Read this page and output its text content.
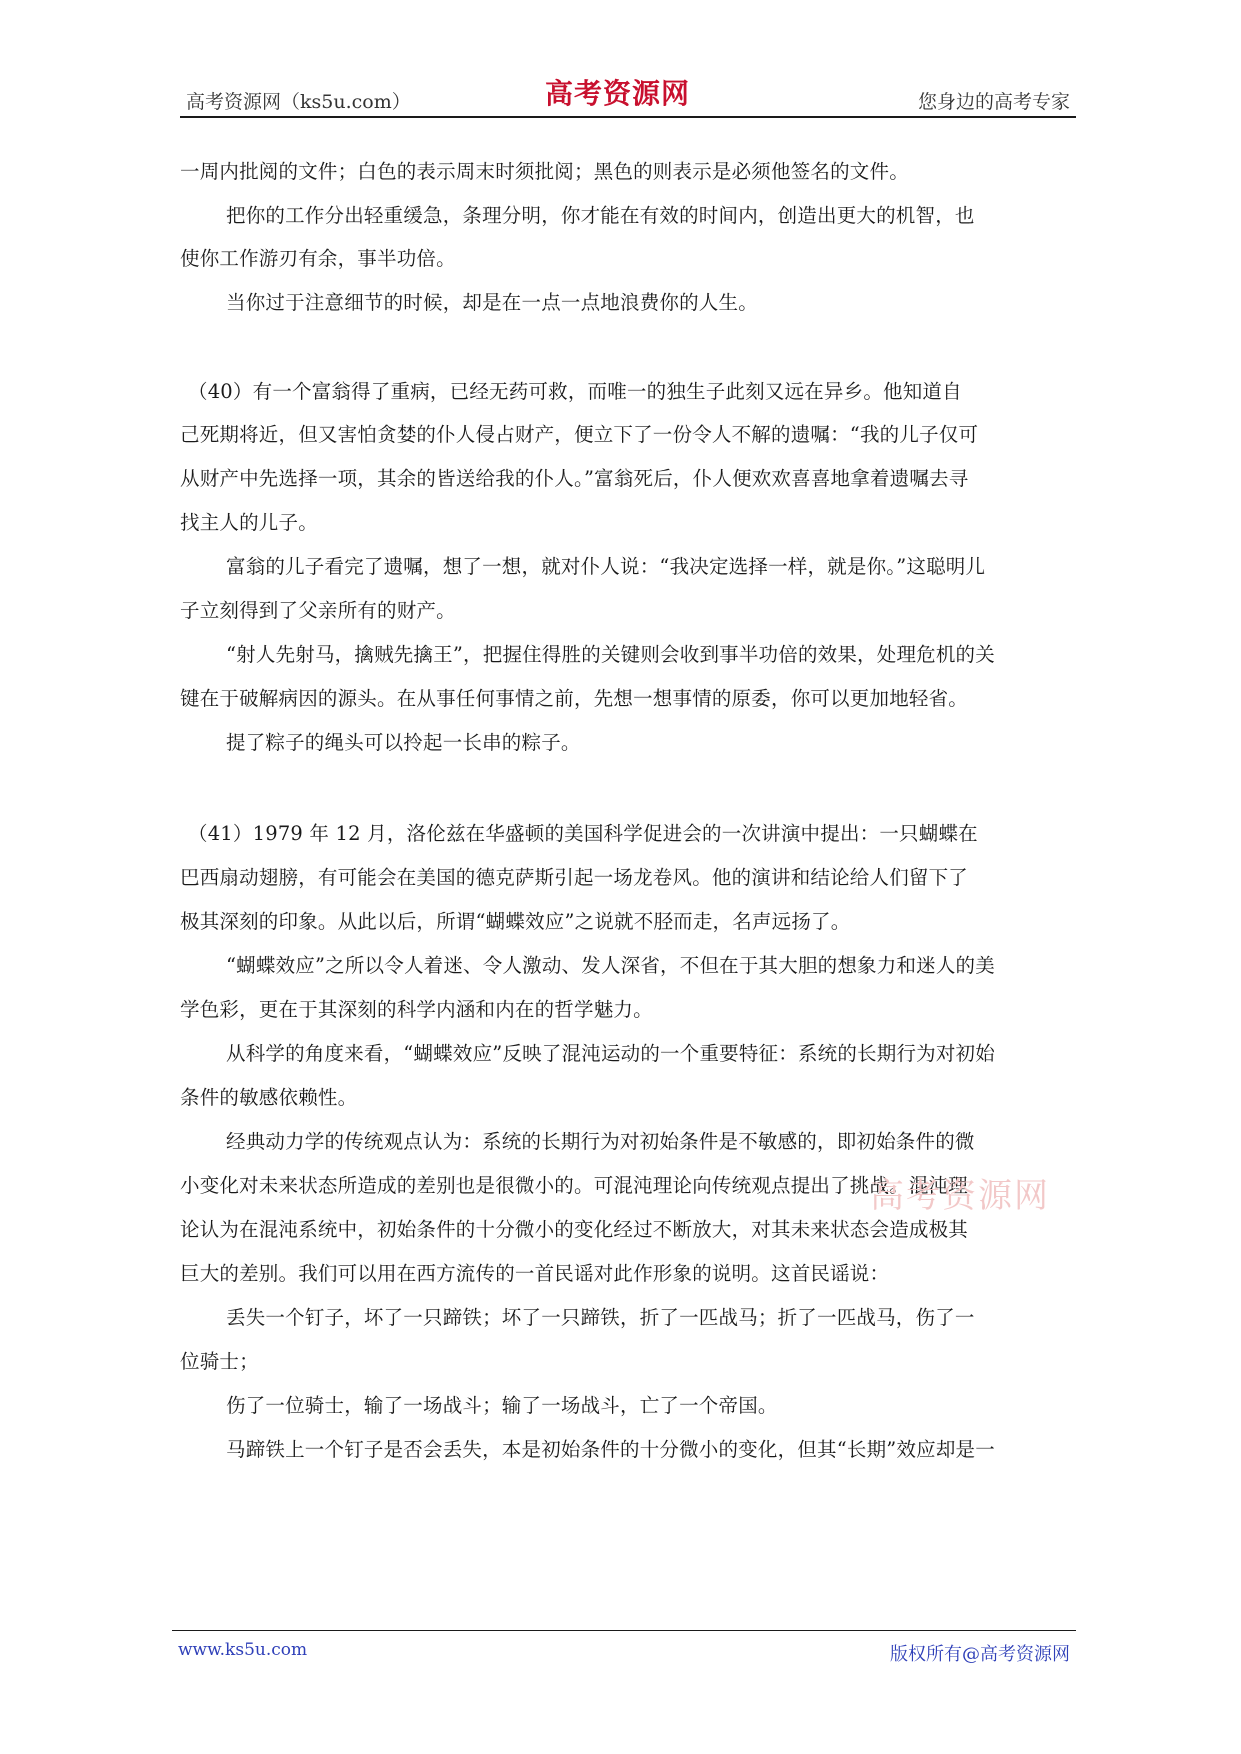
高考资源网（ks5u.com）	高考资源网	您身边的高考专家
一周内批阅的文件；白色的表示周末时须批阅；黑色的则表示是必须他签名的文件。
把你的工作分出轻重缓急，条理分明，你才能在有效的时间内，创造出更大的机智，也
使你工作游刃有余，事半功倍。
当你过于注意细节的时候，却是在一点一点地浪费你的人生。
（40）有一个富翁得了重病，已经无药可救，而唯一的独生子此刻又远在异乡。他知道自
己死期将近，但又害怕贪婪的仆人侵占财产，便立下了一份令人不解的遗嘱：“我的儿子仅可
从财产中先选择一项，其余的皆送给我的仆人。”富翁死后，仆人便欢欢喜喜地拿着遗嘱去寻
找主人的儿子。
富翁的儿子看完了遗嘱，想了一想，就对仆人说：“我决定选择一样，就是你。”这聪明儿
子立刻得到了父亲所有的财产。
“射人先射马，擒贼先擒王”，把握住得胜的关键则会收到事半功倍的效果，处理危机的关
键在于破解病因的源头。在从事任何事情之前，先想一想事情的原委，你可以更加地轻省。
提了粽子的绳头可以拎起一长串的粽子。
（41）1979 年 12 月，洛伦兹在华盛顿的美国科学促进会的一次讲演中提出：一只蝴蝶在
巴西扇动翅膀，有可能会在美国的德克萨斯引起一场龙卷风。他的演讲和结论给人们留下了
极其深刻的印象。从此以后，所谓“蝴蝶效应”之说就不胫而走，名声远扬了。
“蝴蝶效应”之所以令人着迷、令人激动、发人深省，不但在于其大胆的想象力和迷人的美
学色彩，更在于其深刻的科学内涵和内在的哲学魅力。
从科学的角度来看，“蝴蝶效应”反映了混沌运动的一个重要特征：系统的长期行为对初始
条件的敏感依赖性。
经典动力学的传统观点认为：系统的长期行为对初始条件是不敏感的，即初始条件的微
小变化对未来状态所造成的差别也是很微小的。可混沌理论向传统观点提出了挑战。混沌理
论认为在混沌系统中，初始条件的十分微小的变化经过不断放大，对其未来状态会造成极其
巨大的差别。我们可以用在西方流传的一首民谣对此作形象的说明。这首民谣说：
丢失一个钉子，坏了一只蹄铁；坏了一只蹄铁，折了一匹战马；折了一匹战马，伤了一
位骑士；
伤了一位骑士，输了一场战斗；输了一场战斗，亡了一个帝国。
马蹄铁上一个钉子是否会丢失，本是初始条件的十分微小的变化，但其“长期”效应却是一
高考资源网
www.ks5u.com	版权所有@高考资源网
